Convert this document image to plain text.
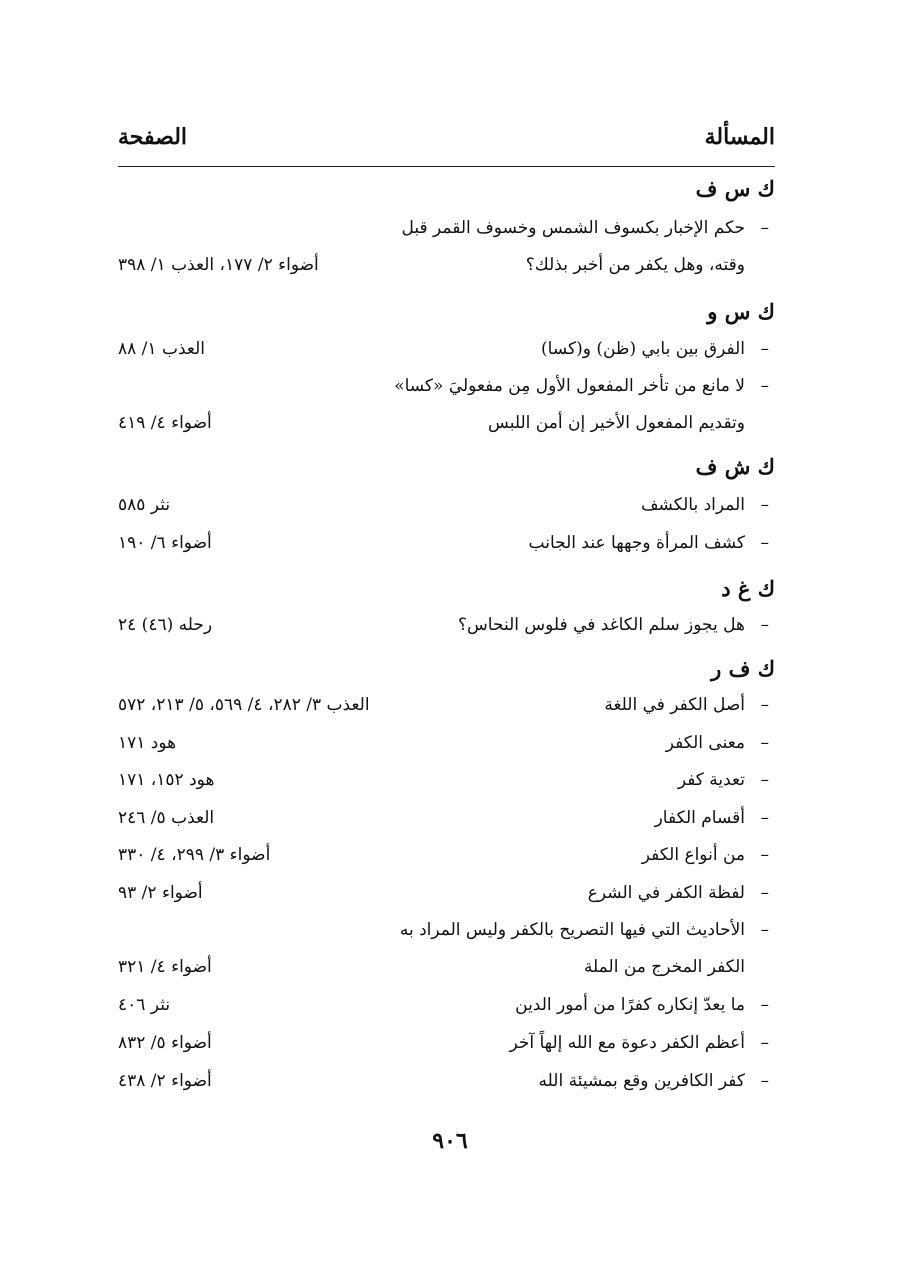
المسألة
الصفحة
ك س ف
–
حكم الإخبار بكسوف الشمس وخسوف القمر قبل
وقته، وهل يكفر من أخبر بذلك؟
أضواء ٢/ ١٧٧، العذب ١/ ٣٩٨
ك س و
–
الفرق بين بابي (ظن) و(كسا)
العذب ١/ ٨٨
–
لا مانع من تأخر المفعول الأول مِن مفعوليَ «كسا»
وتقديم المفعول الأخير إن أمن اللبس
أضواء ٤/ ٤١٩
ك ش ف
–
المراد بالكشف
نثر ٥٨٥
–
كشف المرأة وجهها عند الجانب
أضواء ٦/ ١٩٠
ك غ د
–
هل يجوز سلم الكاغد في فلوس النحاس؟
رحله (٤٦) ٢٤
ك ف ر
–
أصل الكفر في اللغة
العذب ٣/ ٢٨٢، ٤/ ٥٦٩، ٥/ ٢١٣، ٥٧٢
–
معنى الكفر
هود ١٧١
–
تعدية كفر
هود ١٥٢، ١٧١
–
أقسام الكفار
العذب ٥/ ٢٤٦
–
من أنواع الكفر
أضواء ٣/ ٢٩٩، ٤/ ٣٣٠
–
لفظة الكفر في الشرع
أضواء ٢/ ٩٣
–
الأحاديث التي فيها التصريح بالكفر وليس المراد به
الكفر المخرج من الملة
أضواء ٤/ ٣٢١
–
ما يعدّ إنكاره كفرًا من أمور الدين
نثر ٤٠٦
–
أعظم الكفر دعوة مع الله إلهاً آخر
أضواء ٥/ ٨٣٢
–
كفر الكافرين وقع بمشيئة الله
أضواء ٢/ ٤٣٨
٩٠٦
